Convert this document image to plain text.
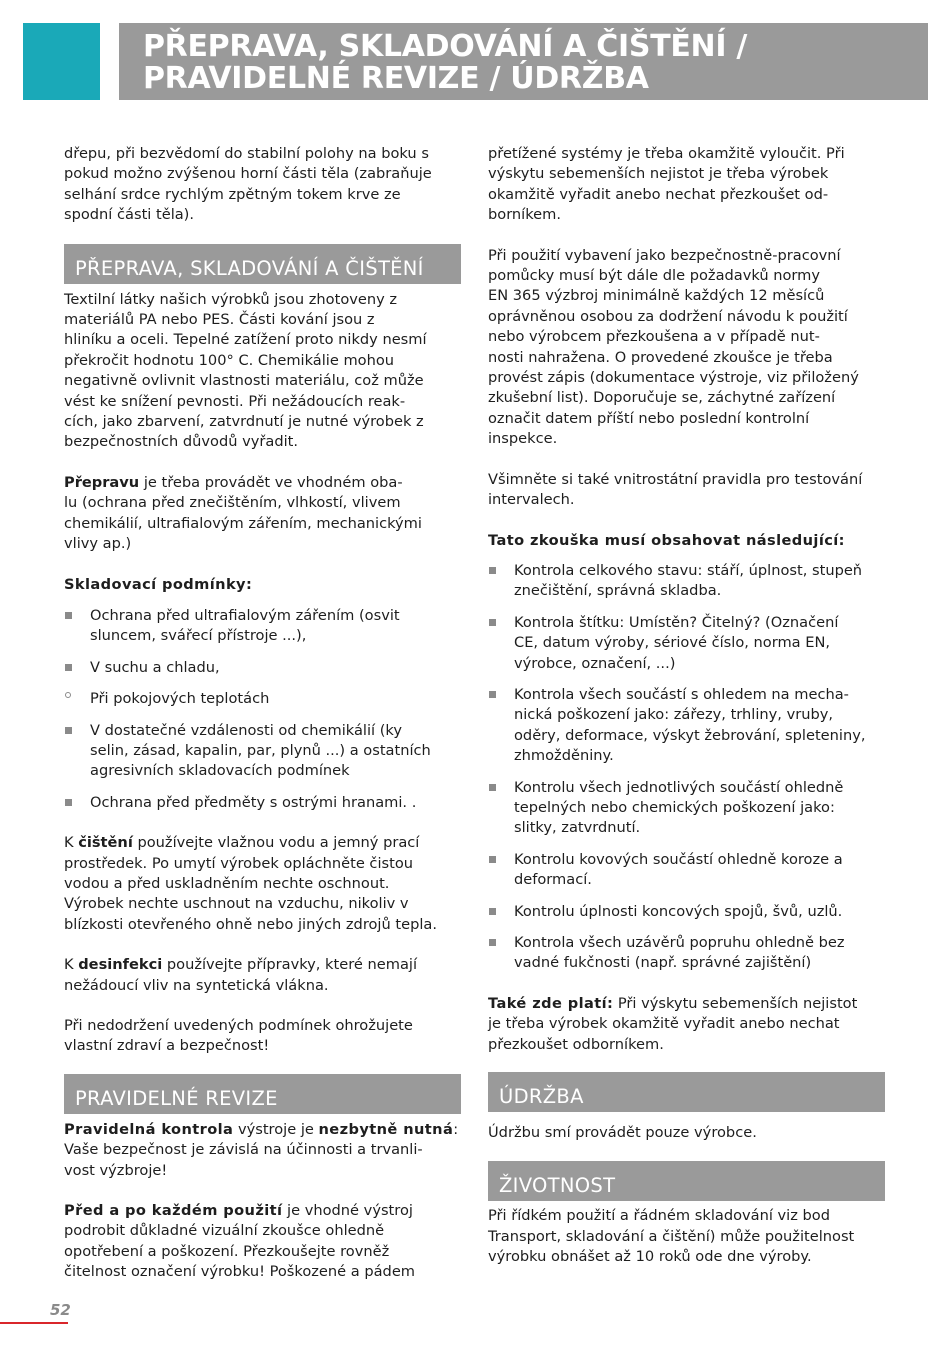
PŘEPRAVA, SKLADOVÁNÍ A ČIŠTĚNÍ /
PRAVIDELNÉ REVIZE / ÚDRŽBA

dřepu, při bezvědomí do stabilní polohy na boku s
pokud možno zvýšenou horní části těla (zabraňuje
selhání srdce rychlým zpětným tokem krve ze
spodní části těla).

PŘEPRAVA, SKLADOVÁNÍ A ČIŠTĚNÍ

Textilní látky našich výrobků jsou zhotoveny z
materiálů PA nebo PES. Části kování jsou z
hliníku a oceli. Tepelné zatížení proto nikdy nesmí
překročit hodnotu 100° C. Chemikálie mohou
negativně ovlivnit vlastnosti materiálu, což může
vést ke snížení pevnosti. Při nežádoucích reak-
cích, jako zbarvení, zatvrdnutí je nutné výrobek z
bezpečnostních důvodů vyřadit.

Přepravu je třeba provádět ve vhodném oba-
lu (ochrana před znečištěním, vlhkostí, vlivem
chemikálií, ultrafialovým zářením, mechanickými
vlivy ap.)

Skladovací podmínky:

Ochrana před ultrafialovým zářením (osvit
sluncem, svářecí přístroje ...),
V suchu a chladu,
Při pokojových teplotách
V dostatečné vzdálenosti od chemikálií (ky
selin, zásad, kapalin, par, plynů ...) a ostatních
agresivních skladovacích podmínek
Ochrana před předměty s ostrými hranami. .

K čištění používejte vlažnou vodu a jemný prací
prostředek. Po umytí výrobek opláchněte čistou
vodou a před uskladněním nechte oschnout.
Výrobek nechte uschnout na vzduchu, nikoliv v
blízkosti otevřeného ohně nebo jiných zdrojů tepla.

K desinfekci používejte přípravky, které nemají
nežádoucí vliv na syntetická vlákna.

Při nedodržení uvedených podmínek ohrožujete
vlastní zdraví a bezpečnost!

PRAVIDELNÉ REVIZE

Pravidelná kontrola výstroje je nezbytně nutná:
Vaše bezpečnost je závislá na účinnosti a trvanli-
vost výzbroje!

Před a po každém použití je vhodné výstroj
podrobit důkladné vizuální zkoušce ohledně
opotřebení a poškození. Přezkoušejte rovněž
čitelnost označení výrobku! Poškozené a pádem

přetížené systémy je třeba okamžitě vyloučit. Při
výskytu sebemenších nejistot je třeba výrobek
okamžitě vyřadit anebo nechat přezkoušet od-
borníkem.

Při použití vybavení jako bezpečnostně-pracovní
pomůcky musí být dále dle požadavků normy
EN 365 výzbroj minimálně každých 12 měsíců
oprávněnou osobou za dodržení návodu k použití
nebo výrobcem přezkoušena a v případě nut-
nosti nahražena. O provedené zkoušce je třeba
provést zápis (dokumentace výstroje, viz přiložený
zkušební list). Doporučuje se, záchytné zařízení
označit datem příští nebo poslední kontrolní
inspekce.

Všimněte si také vnitrostátní pravidla pro testování
intervalech.

Tato zkouška musí obsahovat následující:

Kontrola celkového stavu: stáří, úplnost, stupeň
znečištění, správná skladba.
Kontrola štítku: Umístěn? Čitelný? (Označení
CE, datum výroby, sériové číslo, norma EN,
výrobce, označení, ...)
Kontrola všech součástí s ohledem na mecha-
nická poškození jako: zářezy, trhliny, vruby,
oděry, deformace, výskyt žebrování, spleteniny,
zhmožděniny.
Kontrolu všech jednotlivých součástí ohledně
tepelných nebo chemických poškození jako:
slitky, zatvrdnutí.
Kontrolu kovových součástí ohledně koroze a
deformací.
Kontrolu úplnosti koncových spojů, švů, uzlů.
Kontrola všech uzávěrů popruhu ohledně bez
vadné fukčnosti (např. správné zajištění)

Také zde platí: Při výskytu sebemenších nejistot
je třeba výrobek okamžitě vyřadit anebo nechat
přezkoušet odborníkem.

ÚDRŽBA

Údržbu smí provádět pouze výrobce.

ŽIVOTNOST

Při řídkém použití a řádném skladování viz bod
Transport, skladování a čištění) může použitelnost
výrobku obnášet až 10 roků ode dne výroby.

52
